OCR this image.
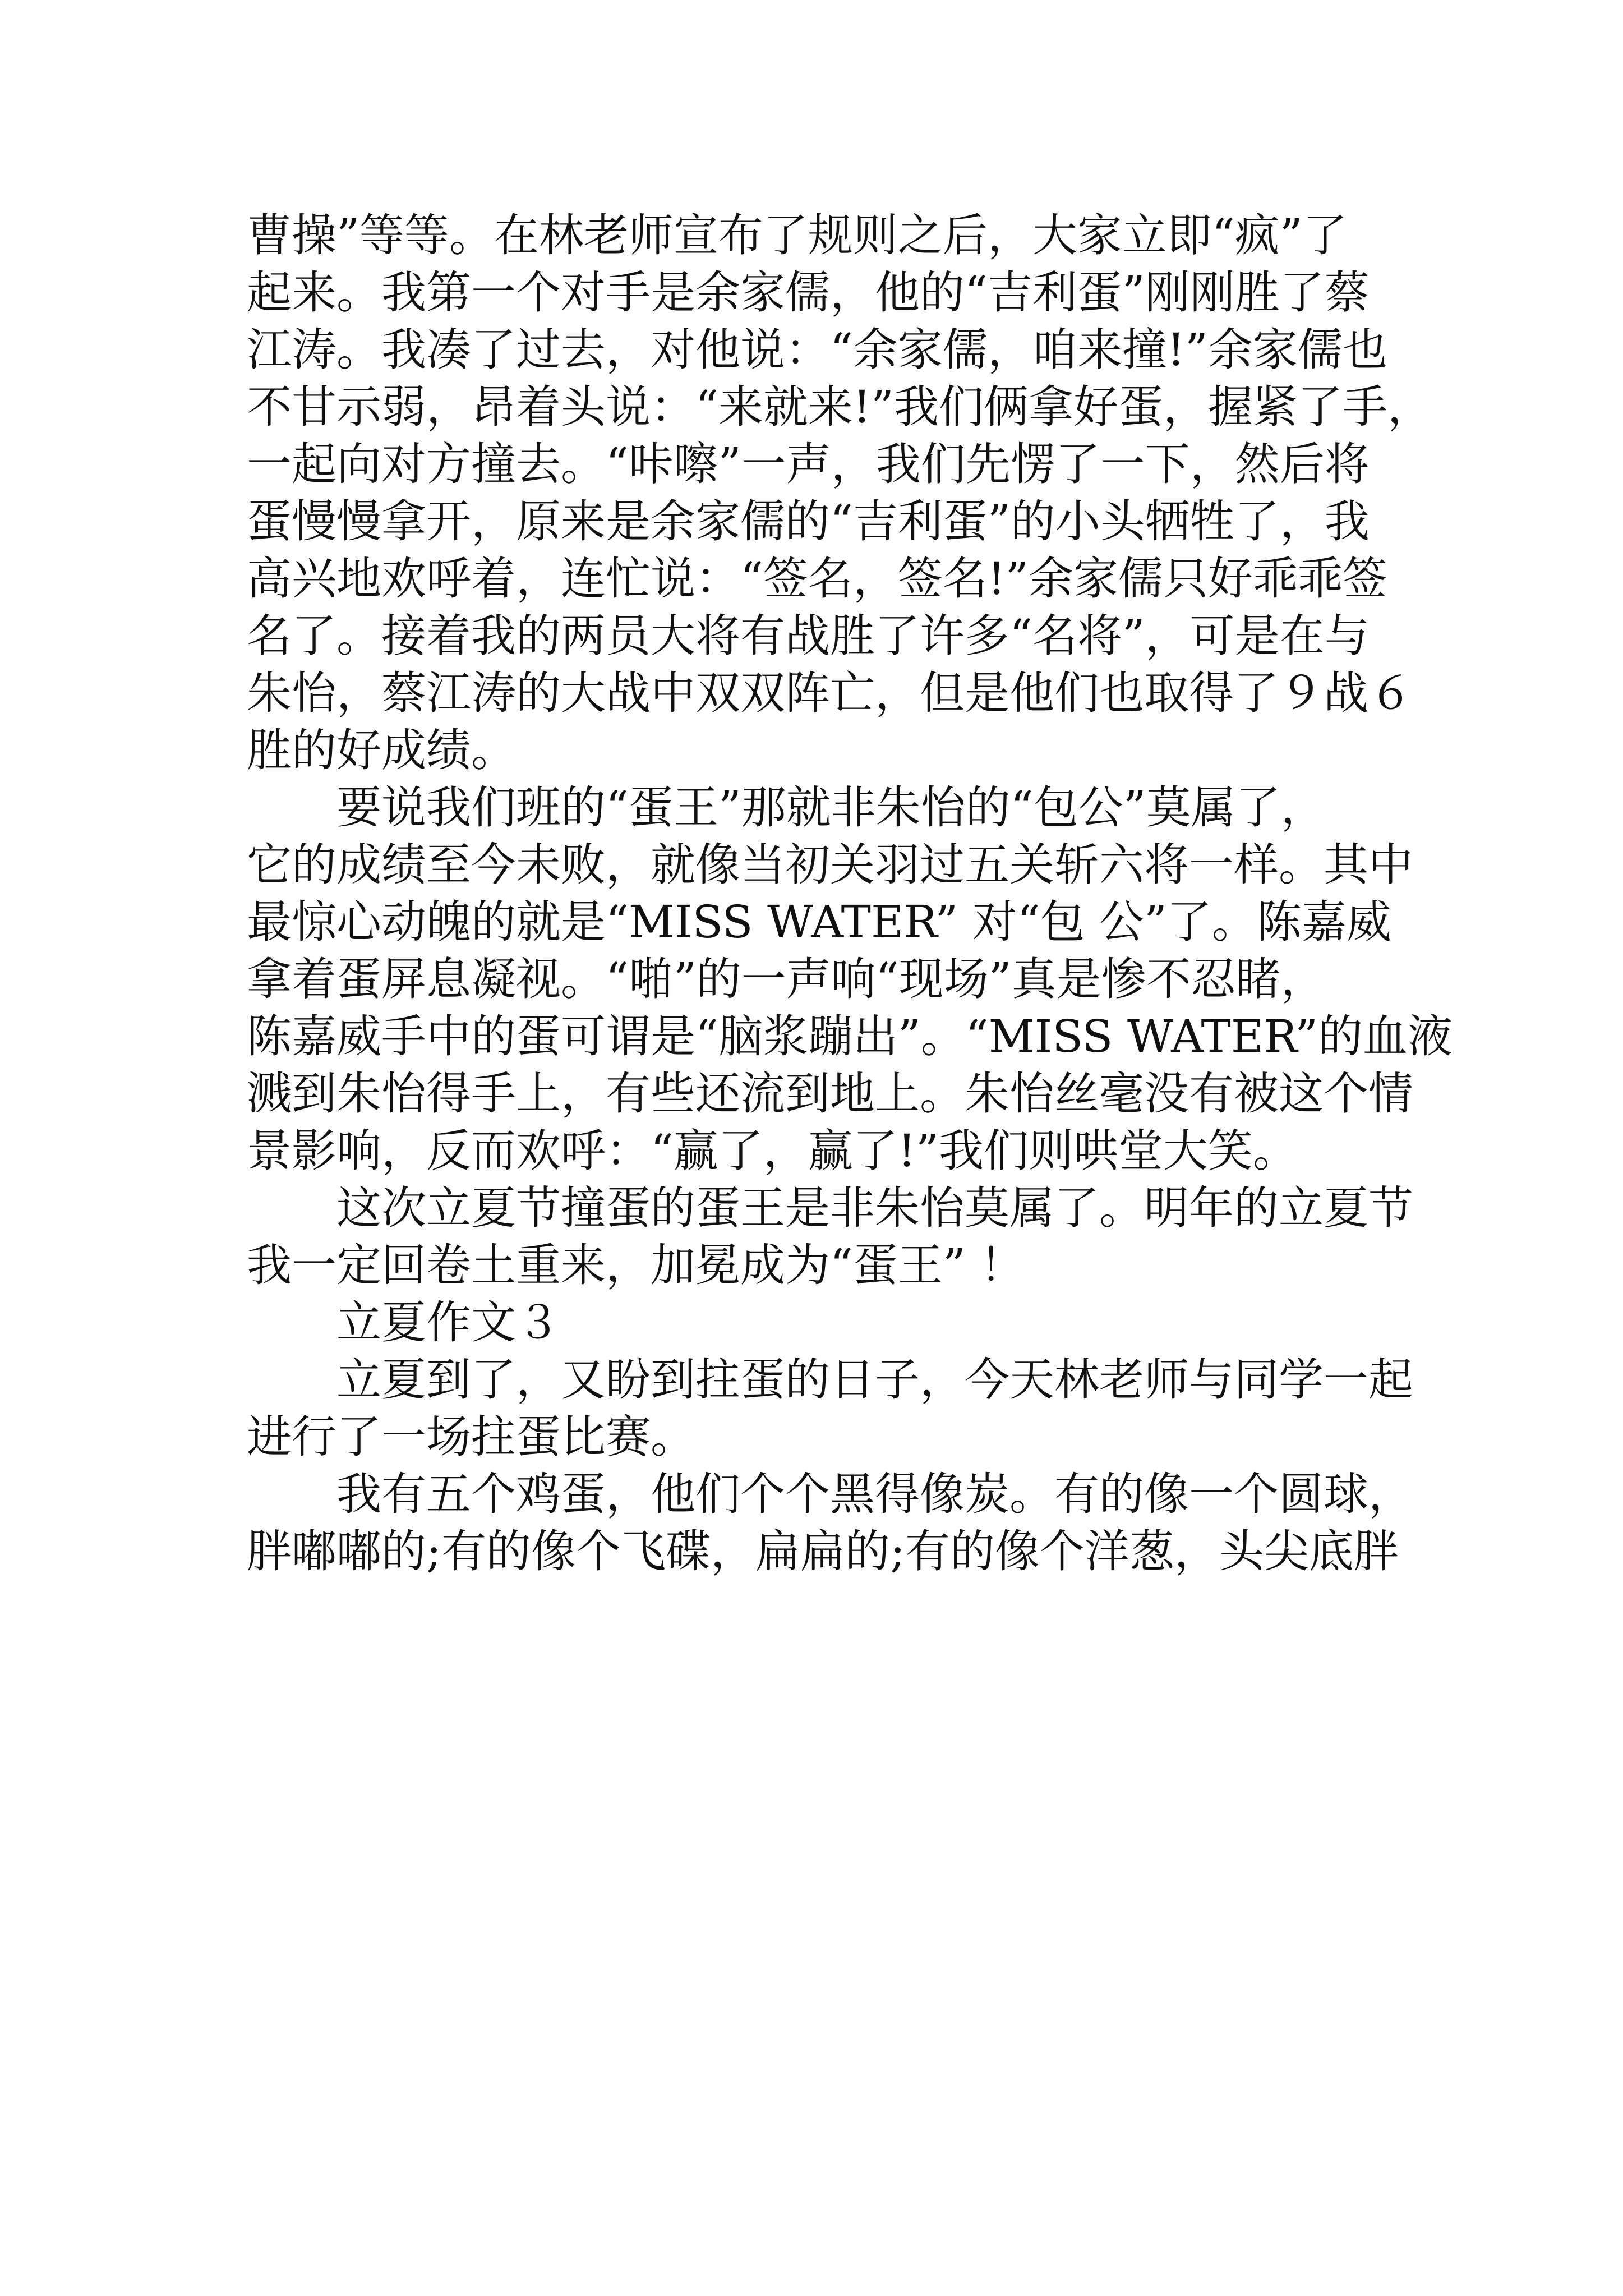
曹操”等等。在林老师宣布了规则之后，大家立即“疯”了
起来。我第一个对手是余家儒，他的“吉利蛋”刚刚胜了蔡
江涛。我凑了过去，对他说：“余家儒，咱来撞!”余家儒也
不甘示弱，昂着头说：“来就来!”我们俩拿好蛋，握紧了手，
一起向对方撞去。“咔嚓”一声，我们先愣了一下，然后将
蛋慢慢拿开，原来是余家儒的“吉利蛋”的小头牺牲了，我
高兴地欢呼着，连忙说：“签名，签名!”余家儒只好乖乖签
名了。接着我的两员大将有战胜了许多“名将”，可是在与
朱怡，蔡江涛的大战中双双阵亡，但是他们也取得了９战６
胜的好成绩。
　　要说我们班的“蛋王”那就非朱怡的“包公”莫属了，
它的成绩至今未败，就像当初关羽过五关斩六将一样。其中
最惊心动魄的就是“MISS WATER” 对“包 公”了。陈嘉威
拿着蛋屏息凝视。“啪”的一声响“现场”真是惨不忍睹，
陈嘉威手中的蛋可谓是“脑浆蹦出”。“MISS WATER”的血液
溅到朱怡得手上，有些还流到地上。朱怡丝毫没有被这个情
景影响，反而欢呼：“赢了，赢了!”我们则哄堂大笑。
　　这次立夏节撞蛋的蛋王是非朱怡莫属了。明年的立夏节
我一定回卷土重来，加冕成为“蛋王” ！
　　立夏作文３
　　立夏到了，又盼到拄蛋的日子，今天林老师与同学一起
进行了一场拄蛋比赛。
　　我有五个鸡蛋，他们个个黑得像炭。有的像一个圆球，
胖嘟嘟的;有的像个飞碟，扁扁的;有的像个洋葱，头尖底胖
